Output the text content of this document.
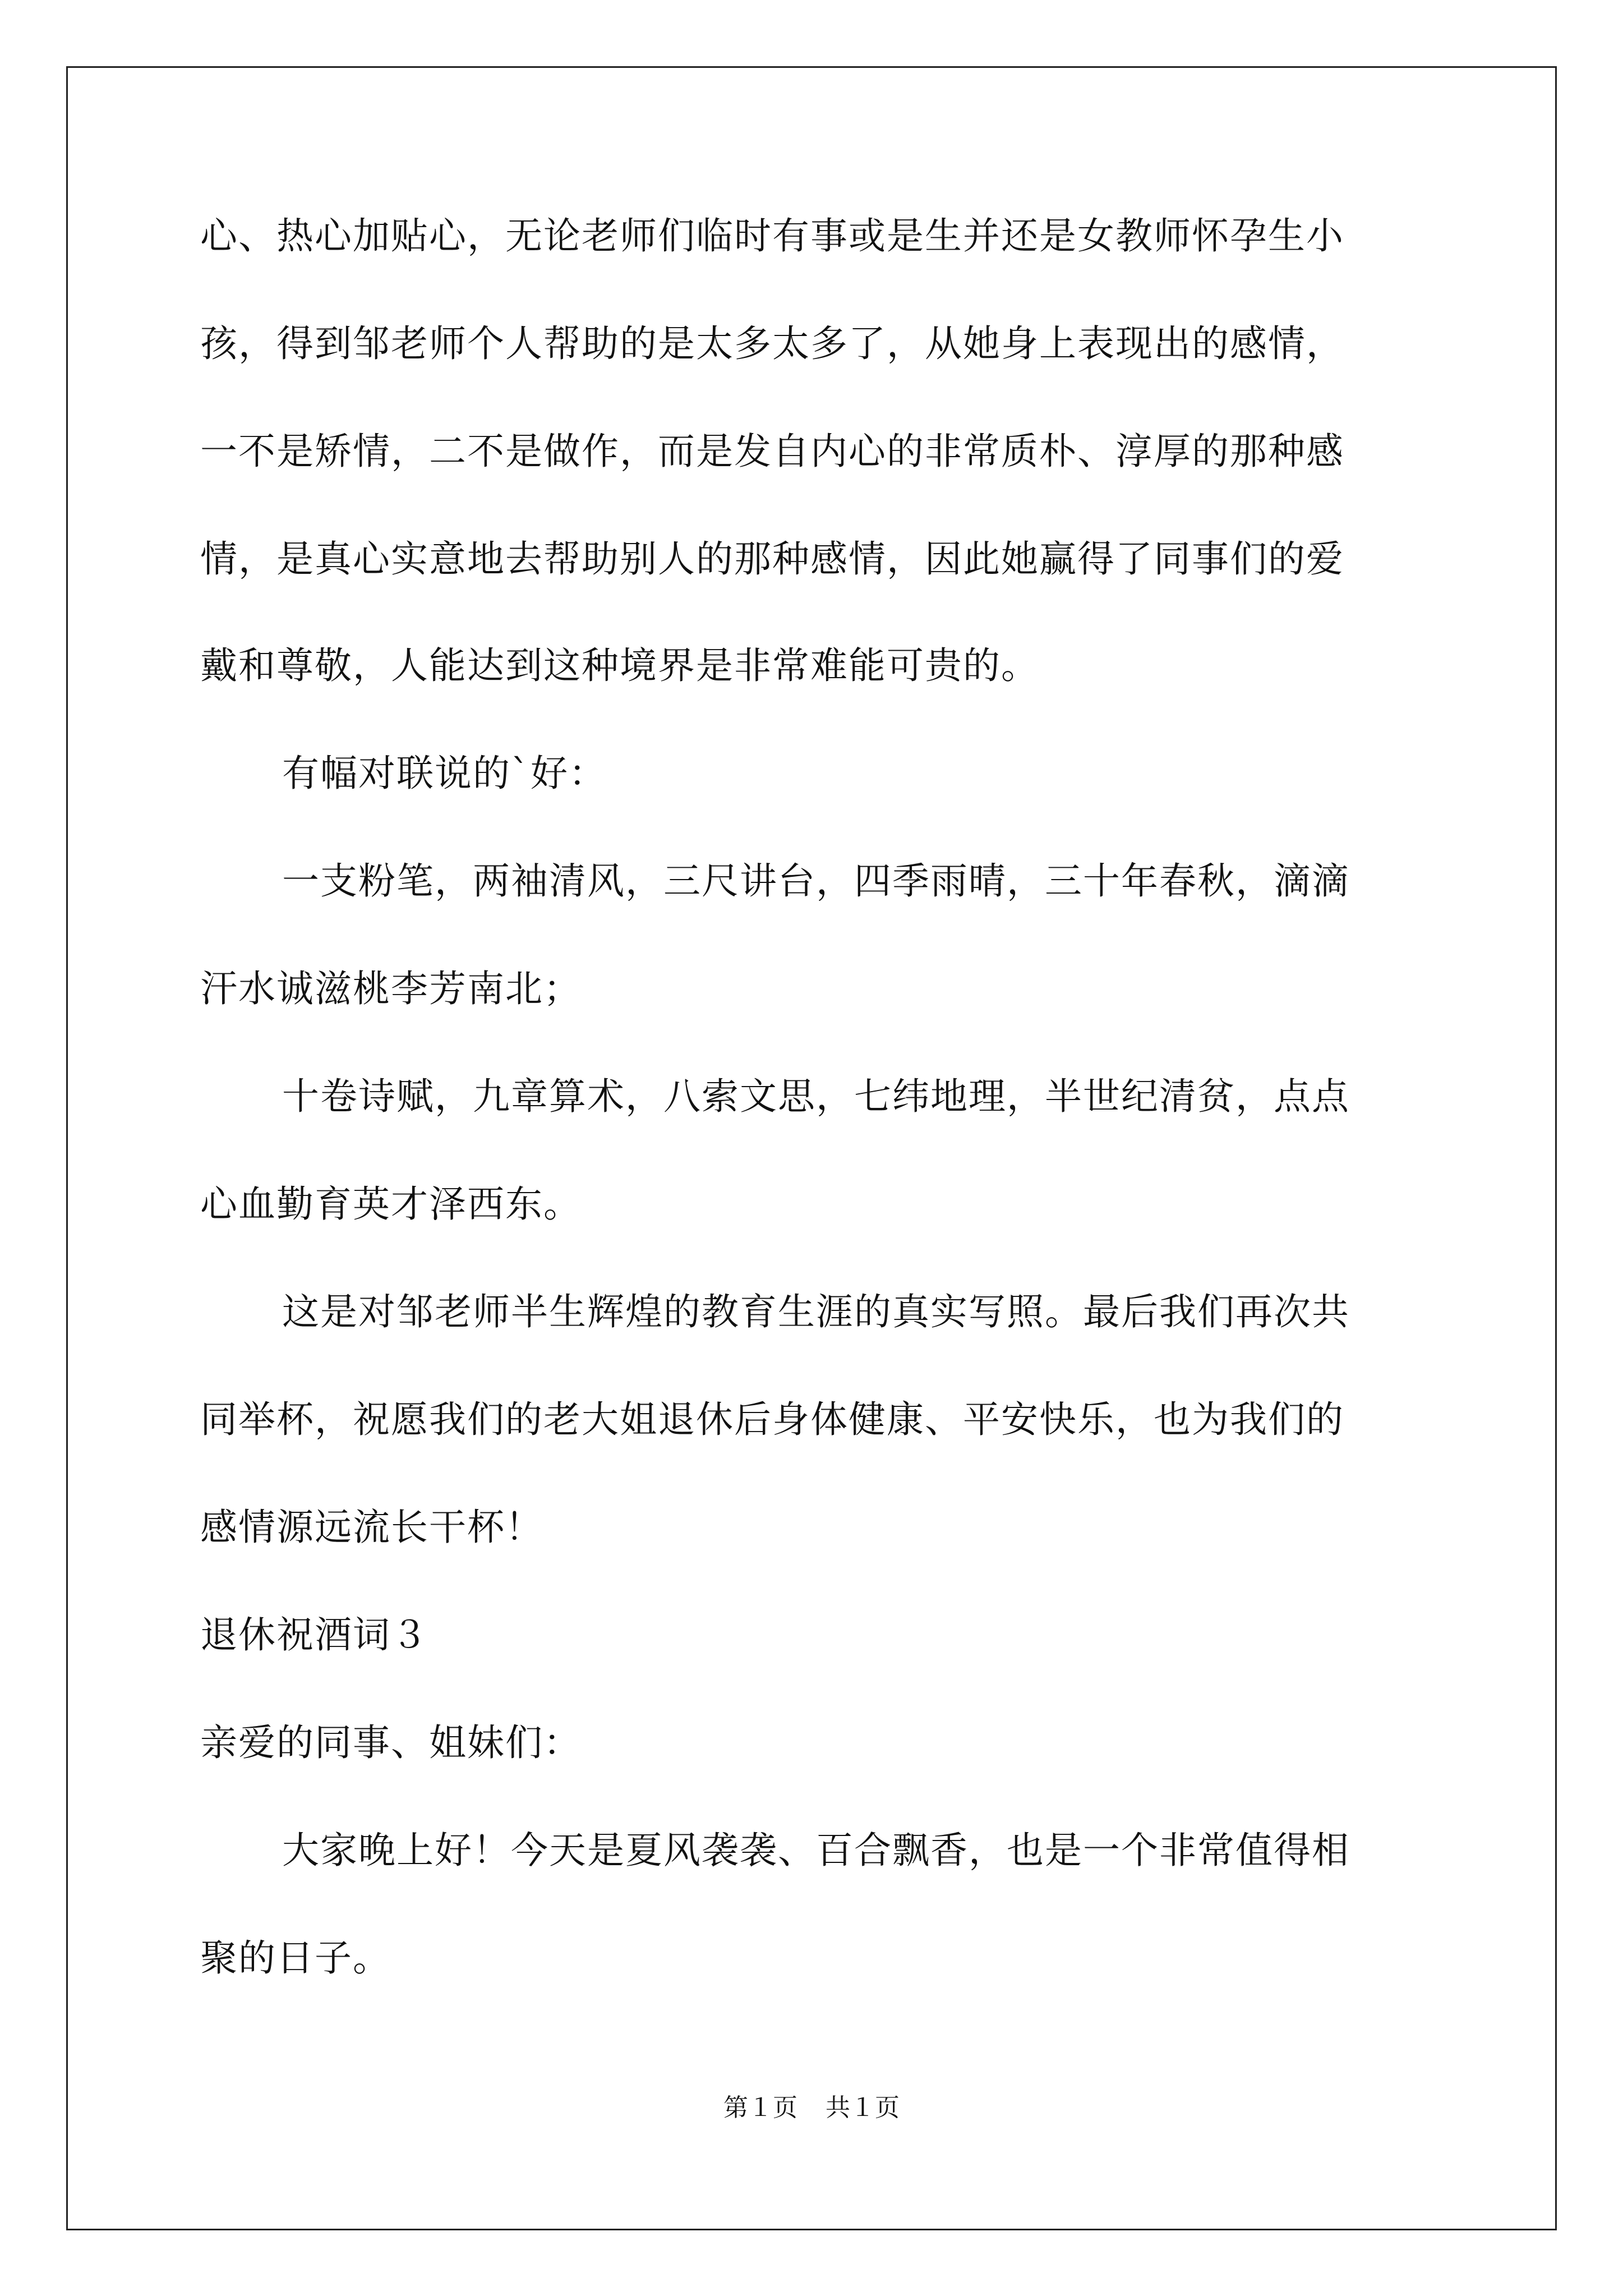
心、热心加贴心，无论老师们临时有事或是生并还是女教师怀孕生小
孩，得到邹老师个人帮助的是太多太多了，从她身上表现出的感情，
一不是矫情，二不是做作，而是发自内心的非常质朴、淳厚的那种感
情，是真心实意地去帮助别人的那种感情，因此她赢得了同事们的爱
戴和尊敬，人能达到这种境界是非常难能可贵的。
有幅对联说的`好：
一支粉笔，两袖清风，三尺讲台，四季雨晴，三十年春秋，滴滴
汗水诚滋桃李芳南北；
十卷诗赋，九章算术，八索文思，七纬地理，半世纪清贫，点点
心血勤育英才泽西东。
这是对邹老师半生辉煌的教育生涯的真实写照。最后我们再次共
同举杯，祝愿我们的老大姐退休后身体健康、平安快乐，也为我们的
感情源远流长干杯！
退休祝酒词３
亲爱的同事、姐妹们：
大家晚上好！今天是夏风袭袭、百合飘香，也是一个非常值得相
聚的日子。
第１页 共１页
